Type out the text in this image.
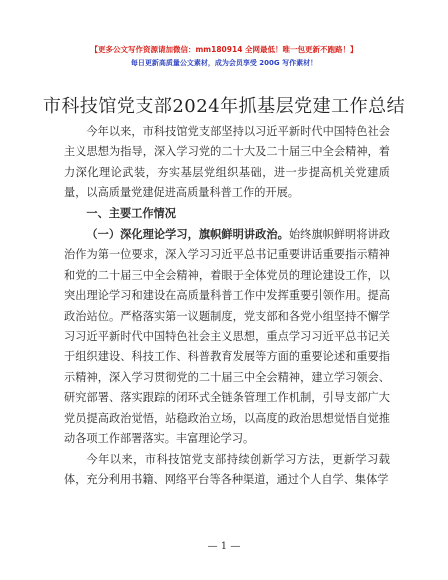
【更多公文写作资源请加微信：mm180914 全网最低！唯一包更新不跑路！】
每日更新高质量公文素材，成为会员享受 200G 写作素材！
市科技馆党支部2024年抓基层党建工作总结

今年以来，市科技馆党支部坚持以习近平新时代中国特色社会主义思想为指导，深入学习党的二十大及二十届三中全会精神，着力深化理论武装，夯实基层党组织基础，进一步提高机关党建质量，以高质量党建促进高质量科普工作的开展。

一、主要工作情况

（一）深化理论学习，旗帜鲜明讲政治。始终旗帜鲜明将讲政治作为第一位要求，深入学习习近平总书记重要讲话重要指示精神和党的二十届三中全会精神，着眼于全体党员的理论建设工作，以突出理论学习和建设在高质量科普工作中发挥重要引领作用。提高政治站位。严格落实第一议题制度，党支部和各党小组坚持不懈学习习近平新时代中国特色社会主义思想，重点学习习近平总书记关于组织建设、科技工作、科普教育发展等方面的重要论述和重要指示精神，深入学习贯彻党的二十届三中全会精神，建立学习领会、研究部署、落实跟踪的闭环式全链条管理工作机制，引导支部广大党员提高政治觉悟，站稳政治立场，以高度的政治思想觉悟自觉推动各项工作部署落实。丰富理论学习。

今年以来，市科技馆党支部持续创新学习方法，更新学习载体，充分利用书籍、网络平台等各种渠道，通过个人自学、集体学

— 1 —
